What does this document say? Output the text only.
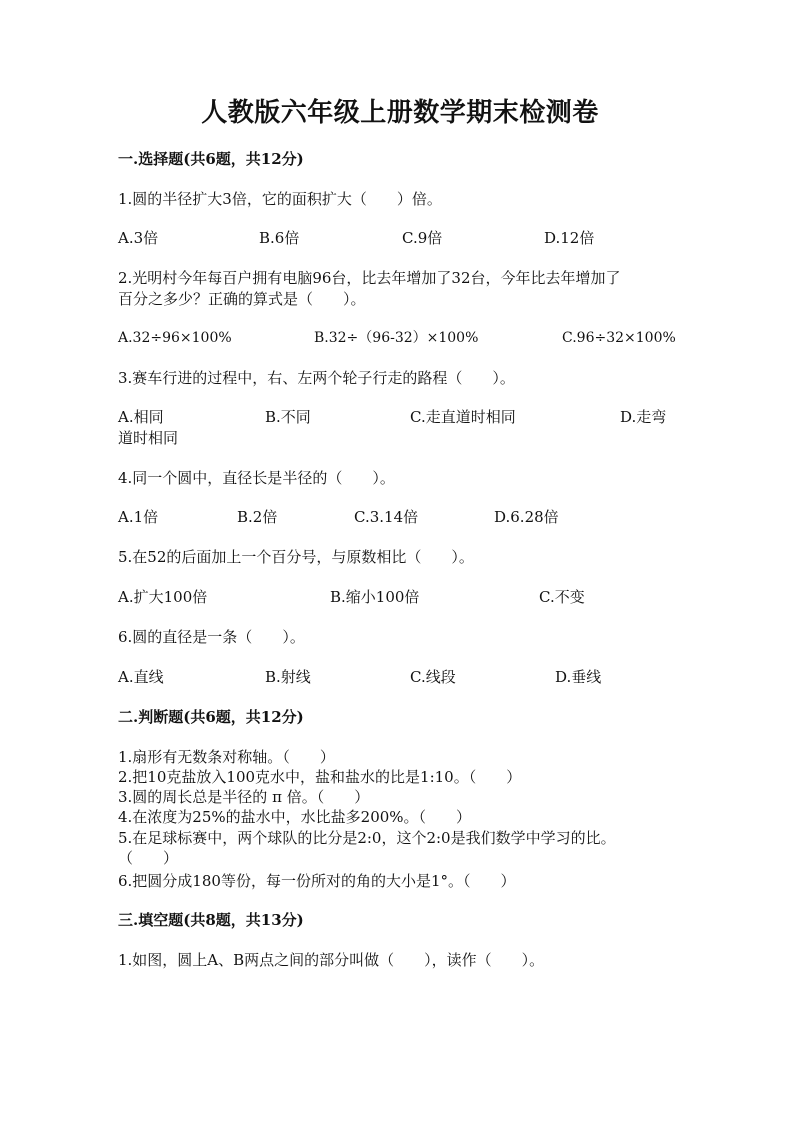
人教版六年级上册数学期末检测卷
一.选择题(共6题，共12分)
1.圆的半径扩大3倍，它的面积扩大（　　）倍。
A.3倍	B.6倍	C.9倍	D.12倍
2.光明村今年每百户拥有电脑96台，比去年增加了32台，今年比去年增加了
百分之多少？正确的算式是（　　）。
A.32÷96×100%	B.32÷（96-32）×100%	C.96÷32×100%
3.赛车行进的过程中，右、左两个轮子行走的路程（　　）。
A.相同	B.不同	C.走直道时相同	D.走弯
道时相同
4.同一个圆中，直径长是半径的（　　）。
A.1倍	B.2倍	C.3.14倍	D.6.28倍
5.在52的后面加上一个百分号，与原数相比（　　）。
A.扩大100倍	B.缩小100倍	C.不变
6.圆的直径是一条（　　）。
A.直线	B.射线	C.线段	D.垂线
二.判断题(共6题，共12分)
1.扇形有无数条对称轴。（　　）
2.把10克盐放入100克水中，盐和盐水的比是1:10。（　　）
3.圆的周长总是半径的 π 倍。（　　）
4.在浓度为25%的盐水中，水比盐多200%。（　　）
5.在足球标赛中，两个球队的比分是2:0，这个2:0是我们数学中学习的比。
（　　）
6.把圆分成180等份，每一份所对的角的大小是1°。（　　）
三.填空题(共8题，共13分)
1.如图，圆上A、B两点之间的部分叫做（　　），读作（　　）。
